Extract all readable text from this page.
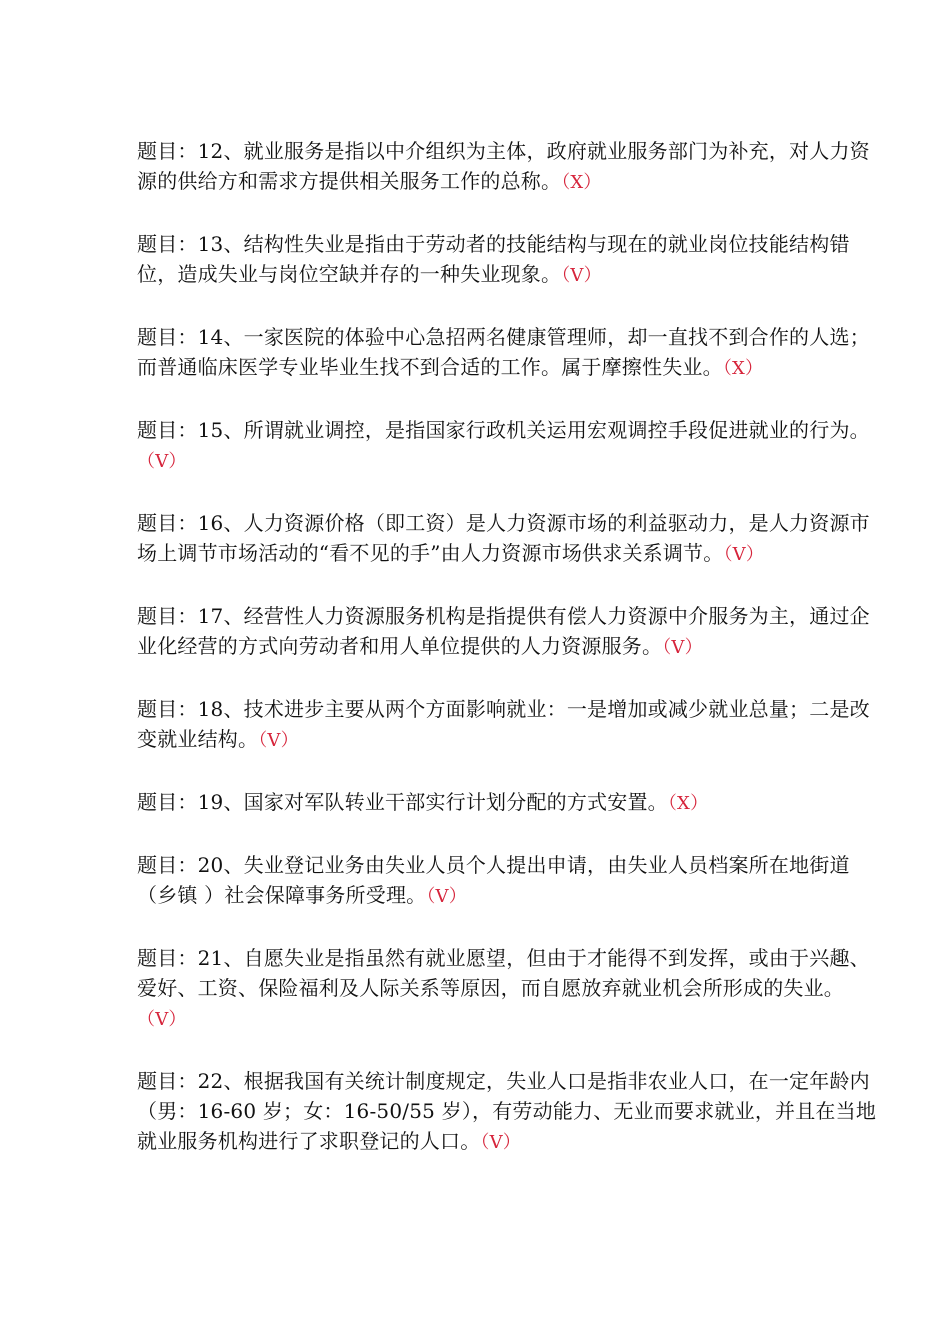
题目：12、就业服务是指以中介组织为主体，政府就业服务部门为补充，对人力资源的供给方和需求方提供相关服务工作的总称。（X）

题目：13、结构性失业是指由于劳动者的技能结构与现在的就业岗位技能结构错位，造成失业与岗位空缺并存的一种失业现象。（V）

题目：14、一家医院的体验中心急招两名健康管理师，却一直找不到合作的人选；而普通临床医学专业毕业生找不到合适的工作。属于摩擦性失业。（X）

题目：15、所谓就业调控，是指国家行政机关运用宏观调控手段促进就业的行为。（V）

题目：16、人力资源价格（即工资）是人力资源市场的利益驱动力，是人力资源市场上调节市场活动的“看不见的手”由人力资源市场供求关系调节。（V）

题目：17、经营性人力资源服务机构是指提供有偿人力资源中介服务为主，通过企业化经营的方式向劳动者和用人单位提供的人力资源服务。（V）

题目：18、技术进步主要从两个方面影响就业：一是增加或减少就业总量；二是改变就业结构。（V）

题目：19、国家对军队转业干部实行计划分配的方式安置。（X）

题目：20、失业登记业务由失业人员个人提出申请，由失业人员档案所在地街道（乡镇 ）社会保障事务所受理。（V）

题目：21、自愿失业是指虽然有就业愿望，但由于才能得不到发挥，或由于兴趣、爱好、工资、保险福利及人际关系等原因，而自愿放弃就业机会所形成的失业。（V）

题目：22、根据我国有关统计制度规定，失业人口是指非农业人口，在一定年龄内（男：16-60 岁；女：16-50/55 岁），有劳动能力、无业而要求就业，并且在当地就业服务机构进行了求职登记的人口。（V）
